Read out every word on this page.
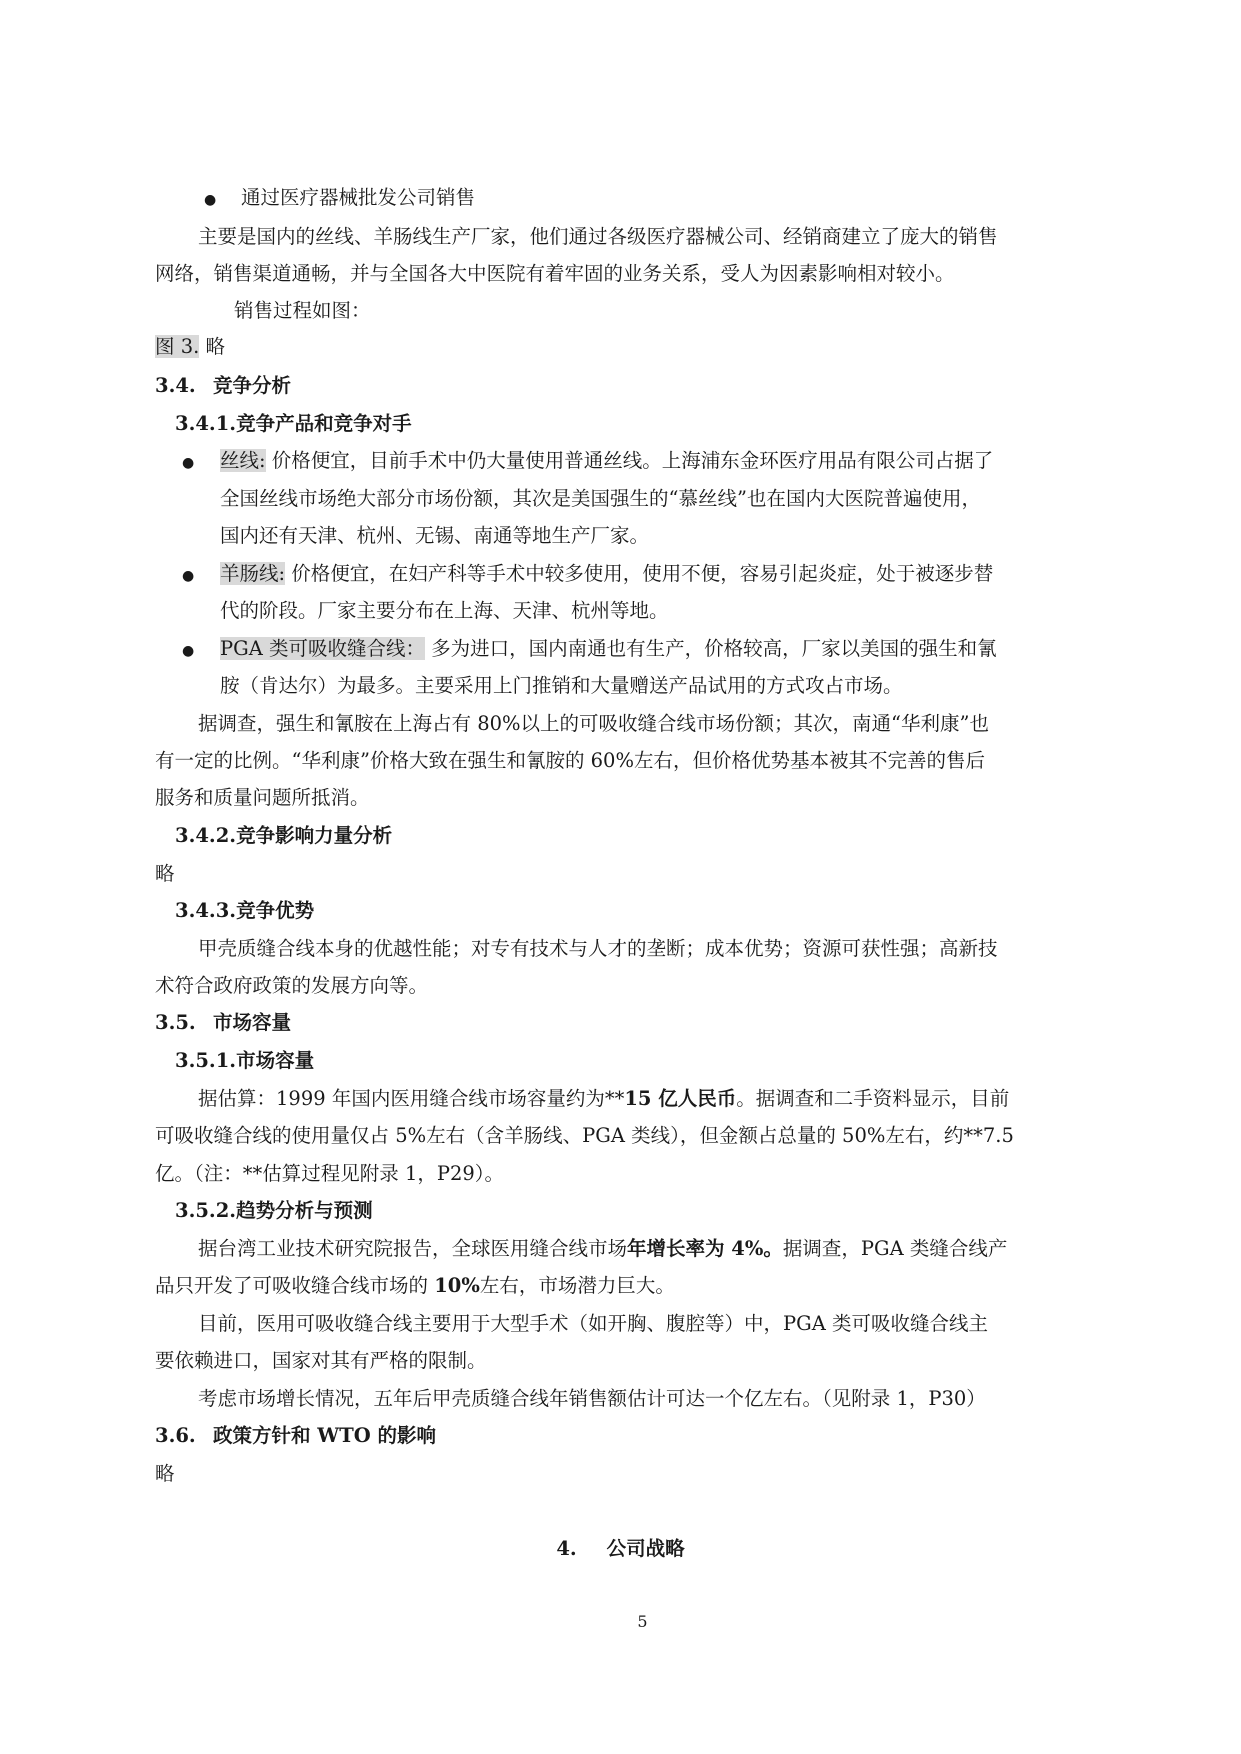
● 通过医疗器械批发公司销售
主要是国内的丝线、羊肠线生产厂家，他们通过各级医疗器械公司、经销商建立了庞大的销售
网络，销售渠道通畅，并与全国各大中医院有着牢固的业务关系，受人为因素影响相对较小。
销售过程如图：
图 3. 略
3.4. 竞争分析
3.4.1.竞争产品和竞争对手
● 丝线: 价格便宜，目前手术中仍大量使用普通丝线。上海浦东金环医疗用品有限公司占据了
全国丝线市场绝大部分市场份额，其次是美国强生的“慕丝线”也在国内大医院普遍使用，
国内还有天津、杭州、无锡、南通等地生产厂家。
● 羊肠线: 价格便宜，在妇产科等手术中较多使用，使用不便，容易引起炎症，处于被逐步替
代的阶段。厂家主要分布在上海、天津、杭州等地。
● PGA 类可吸收缝合线： 多为进口，国内南通也有生产，价格较高，厂家以美国的强生和氰
胺（肯达尔）为最多。主要采用上门推销和大量赠送产品试用的方式攻占市场。
据调查，强生和氰胺在上海占有 80%以上的可吸收缝合线市场份额；其次，南通“华利康”也
有一定的比例。“华利康”价格大致在强生和氰胺的 60%左右，但价格优势基本被其不完善的售后
服务和质量问题所抵消。
3.4.2.竞争影响力量分析
略
3.4.3.竞争优势
甲壳质缝合线本身的优越性能；对专有技术与人才的垄断；成本优势；资源可获性强；高新技
术符合政府政策的发展方向等。
3.5. 市场容量
3.5.1.市场容量
据估算：1999 年国内医用缝合线市场容量约为**15 亿人民币。据调查和二手资料显示，目前
可吸收缝合线的使用量仅占 5%左右（含羊肠线、PGA 类线），但金额占总量的 50%左右，约**7.5
亿。（注：**估算过程见附录 1，P29）。
3.5.2.趋势分析与预测
据台湾工业技术研究院报告，全球医用缝合线市场年增长率为 4%。据调查，PGA 类缝合线产
品只开发了可吸收缝合线市场的 10%左右，市场潜力巨大。
目前，医用可吸收缝合线主要用于大型手术（如开胸、腹腔等）中，PGA 类可吸收缝合线主
要依赖进口，国家对其有严格的限制。
考虑市场增长情况，五年后甲壳质缝合线年销售额估计可达一个亿左右。（见附录 1，P30）
3.6. 政策方针和 WTO 的影响
略
4. 公司战略
5
